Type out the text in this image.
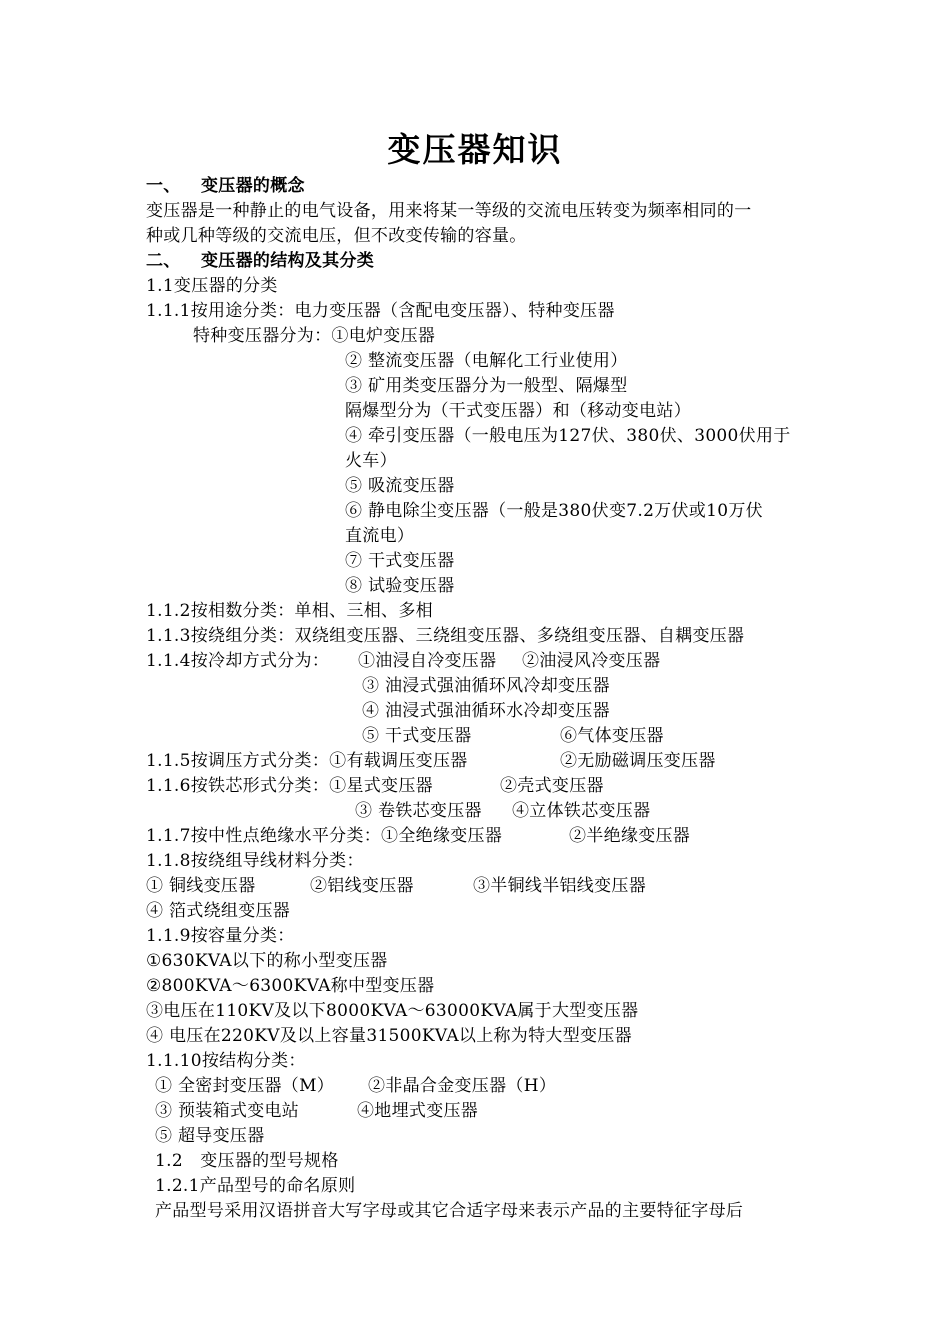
变压器知识
一、 变压器的概念
变压器是一种静止的电气设备，用来将某一等级的交流电压转变为频率相同的一
种或几种等级的交流电压，但不改变传输的容量。
二、 变压器的结构及其分类
1.1变压器的分类
1.1.1按用途分类：电力变压器（含配电变压器）、特种变压器
特种变压器分为：①电炉变压器
② 整流变压器（电解化工行业使用）
③ 矿用类变压器分为一般型、隔爆型
隔爆型分为（干式变压器）和（移动变电站）
④ 牵引变压器（一般电压为127伏、380伏、3000伏用于
火车）
⑤ 吸流变压器
⑥ 静电除尘变压器（一般是380伏变7.2万伏或10万伏
直流电）
⑦ 干式变压器
⑧ 试验变压器
1.1.2按相数分类：单相、三相、多相
1.1.3按绕组分类：双绕组变压器、三绕组变压器、多绕组变压器、自耦变压器
1.1.4按冷却方式分为： ①油浸自冷变压器 ②油浸风冷变压器
③ 油浸式强油循环风冷却变压器
④ 油浸式强油循环水冷却变压器
⑤ 干式变压器	⑥气体变压器
1.1.5按调压方式分类：①有载调压变压器	②无励磁调压变压器
1.1.6按铁芯形式分类：①星式变压器	②壳式变压器
③ 卷铁芯变压器 ④立体铁芯变压器
1.1.7按中性点绝缘水平分类：①全绝缘变压器	②半绝缘变压器
1.1.8按绕组导线材料分类：
① 铜线变压器	②铝线变压器	③半铜线半铝线变压器
④ 箔式绕组变压器
1.1.9按容量分类：
①630KVA以下的称小型变压器
②800KVA～6300KVA称中型变压器
③电压在110KV及以下8000KVA～63000KVA属于大型变压器
④ 电压在220KV及以上容量31500KVA以上称为特大型变压器
1.1.10按结构分类：
① 全密封变压器（M） ②非晶合金变压器（H）
③ 预装箱式变电站	④地埋式变压器
⑤ 超导变压器
1.2　变压器的型号规格
1.2.1产品型号的命名原则
产品型号采用汉语拼音大写字母或其它合适字母来表示产品的主要特征字母后
